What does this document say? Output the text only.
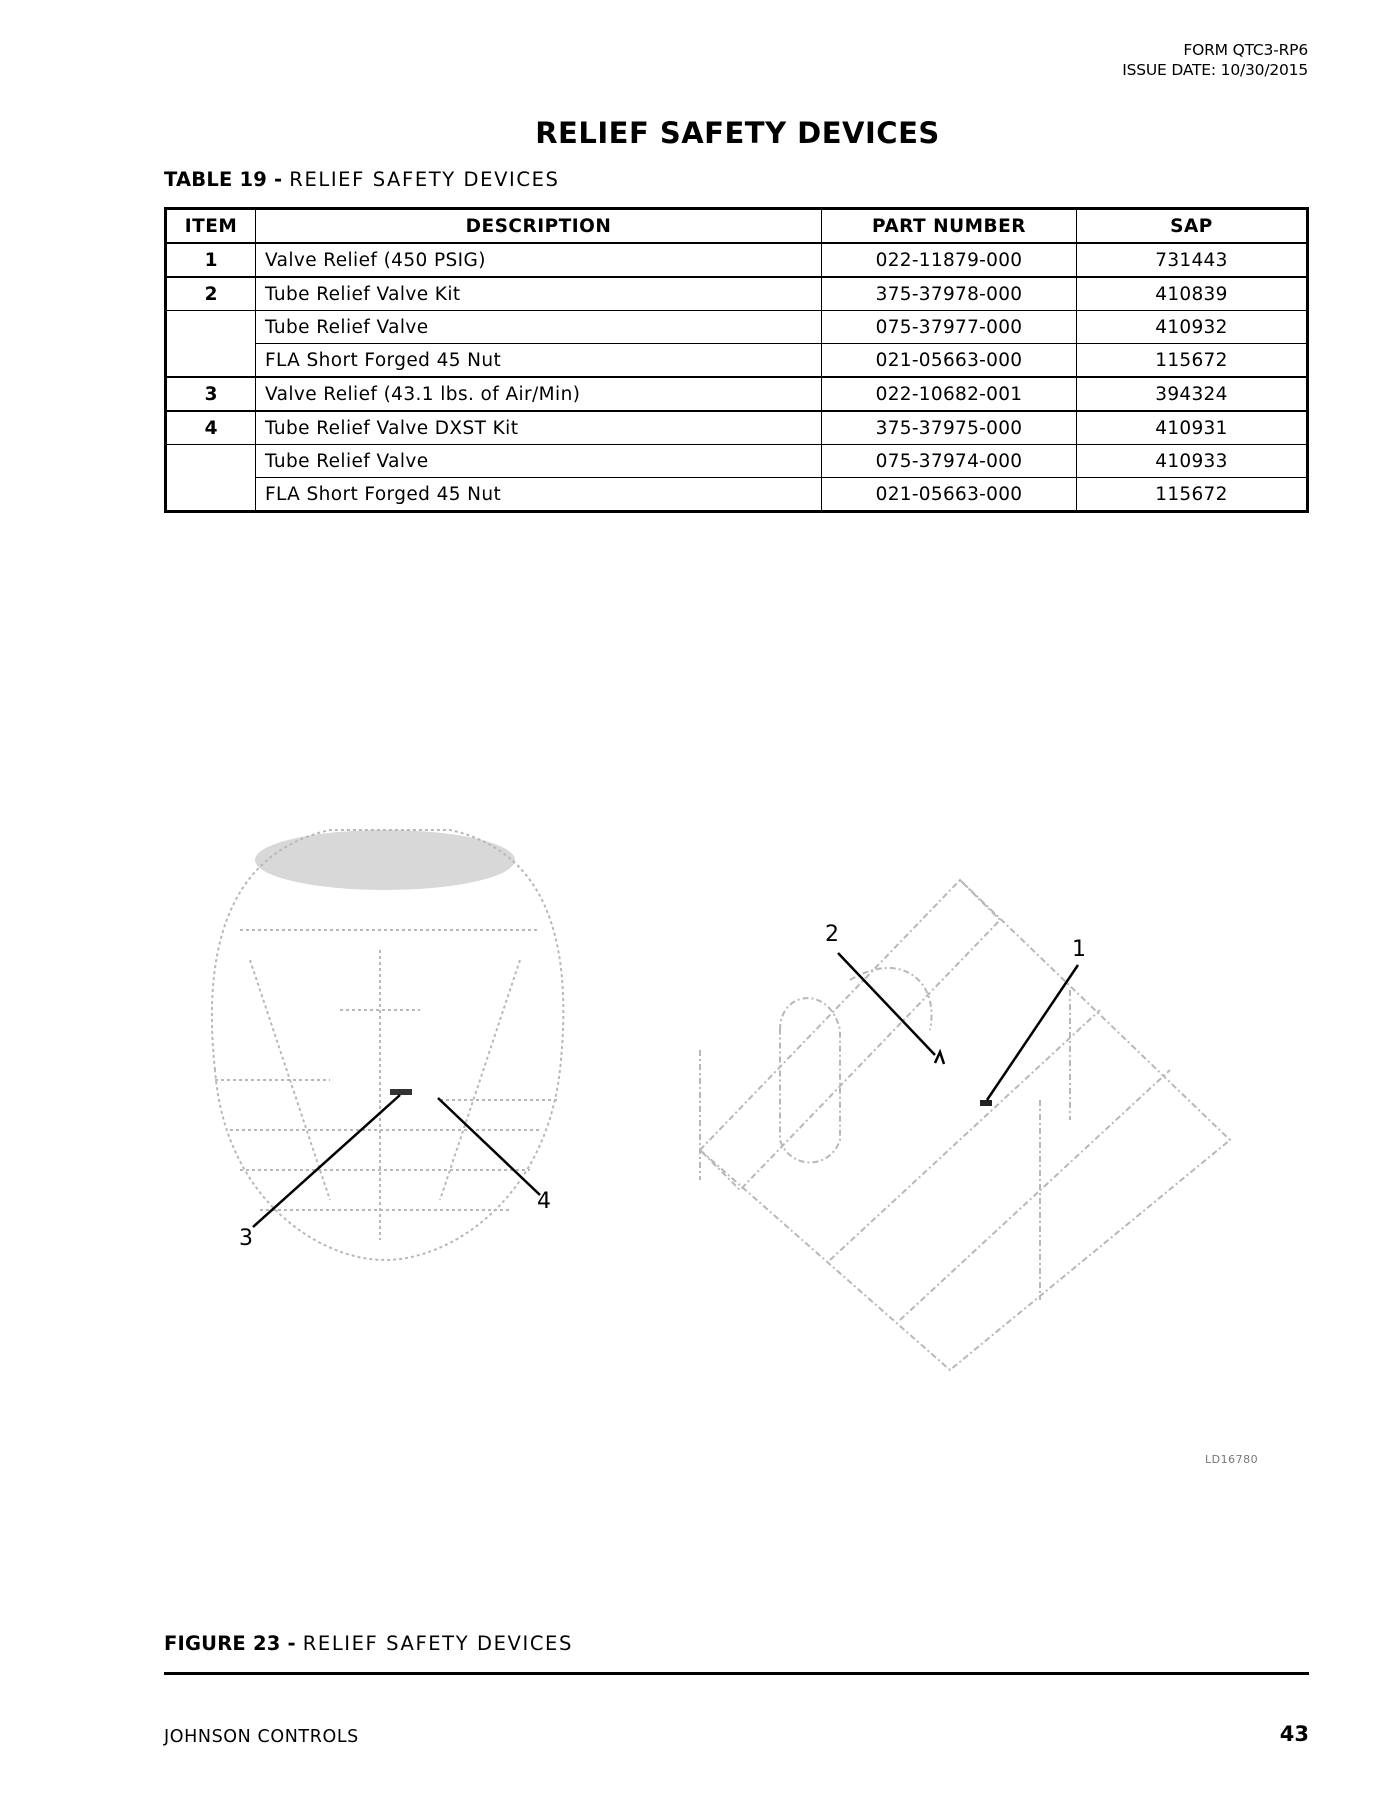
FORM QTC3-RP6
ISSUE DATE: 10/30/2015
RELIEF SAFETY DEVICES
TABLE 19 - RELIEF SAFETY DEVICES
ITEM	DESCRIPTION	PART NUMBER	SAP
1	Valve Relief (450 PSIG)	022-11879-000	731443
2	Tube Relief Valve Kit	375-37978-000	410839
	Tube Relief Valve	075-37977-000	410932
	FLA Short Forged 45 Nut	021-05663-000	115672
3	Valve Relief (43.1 lbs. of Air/Min)	022-10682-001	394324
4	Tube Relief Valve DXST Kit	375-37975-000	410931
	Tube Relief Valve	075-37974-000	410933
	FLA Short Forged 45 Nut	021-05663-000	115672
2
1
3
4
LD16780
FIGURE 23 - RELIEF SAFETY DEVICES
JOHNSON CONTROLS	43
